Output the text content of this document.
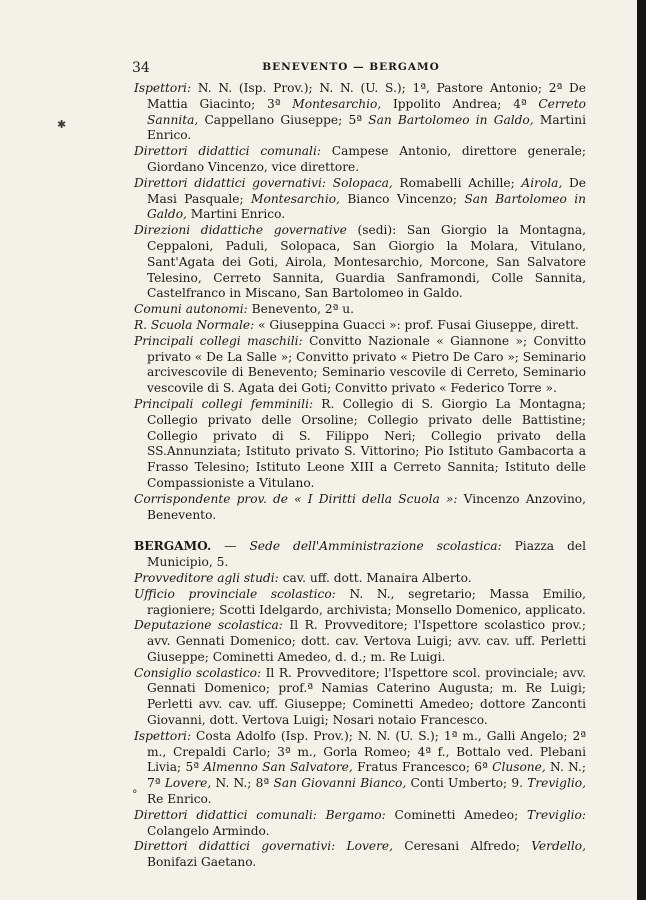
✱
°
34	BENEVENTO — BERGAMO

Ispettori: N. N. (Isp. Prov.); N. N. (U. S.); 1ª, Pastore Antonio; 2ª De Mattia Giacinto; 3ª Montesarchio, Ippolito Andrea; 4ª Cerreto Sannita, Cappellano Giuseppe; 5ª San Bartolomeo in Galdo, Martini Enrico.

Direttori didattici comunali: Campese Antonio, direttore generale; Giordano Vincenzo, vice direttore.

Direttori didattici governativi: Solopaca, Romabelli Achille; Airola, De Masi Pasquale; Montesarchio, Bianco Vincenzo; San Bartolomeo in Galdo, Martini Enrico.

Direzioni didattiche governative (sedi): San Giorgio la Montagna, Ceppaloni, Paduli, Solopaca, San Giorgio la Molara, Vitulano, Sant'Agata dei Goti, Airola, Montesarchio, Morcone, San Salvatore Telesino, Cerreto Sannita, Guardia Sanframondi, Colle Sannita, Castelfranco in Miscano, San Bartolomeo in Galdo.

Comuni autonomi: Benevento, 2ª u.

R. Scuola Normale: « Giuseppina Guacci »: prof. Fusai Giuseppe, dirett.

Principali collegi maschili: Convitto Nazionale « Giannone »; Convitto privato « De La Salle »; Convitto privato « Pietro De Caro »; Seminario arcivescovile di Benevento; Seminario vescovile di Cerreto, Seminario vescovile di S. Agata dei Goti; Convitto privato « Federico Torre ».

Principali collegi femminili: R. Collegio di S. Giorgio La Montagna; Collegio privato delle Orsoline; Collegio privato delle Battistine; Collegio privato di S. Filippo Neri; Collegio privato della SS.Annunziata; Istituto privato S. Vittorino; Pio Istituto Gambacorta a Frasso Telesino; Istituto Leone XIII a Cerreto Sannita; Istituto delle Compassioniste a Vitulano.

Corrispondente prov. de « I Diritti della Scuola »: Vincenzo Anzovino, Benevento.

BERGAMO. — Sede dell'Amministrazione scolastica: Piazza del Municipio, 5.

Provveditore agli studi: cav. uff. dott. Manaira Alberto.

Ufficio provinciale scolastico: N. N., segretario; Massa Emilio, ragioniere; Scotti Idelgardo, archivista; Monsello Domenico, applicato.

Deputazione scolastica: Il R. Provveditore; l'Ispettore scolastico prov.; avv. Gennati Domenico; dott. cav. Vertova Luigi; avv. cav. uff. Perletti Giuseppe; Cominetti Amedeo, d. d.; m. Re Luigi.

Consiglio scolastico: Il R. Provveditore; l'Ispettore scol. provinciale; avv. Gennati Domenico; prof.ª Namias Caterino Augusta; m. Re Luigi; Perletti avv. cav. uff. Giuseppe; Cominetti Amedeo; dottore Zanconti Giovanni, dott. Vertova Luigi; Nosari notaio Francesco.

Ispettori: Costa Adolfo (Isp. Prov.); N. N. (U. S.); 1ª m., Galli Angelo; 2ª m., Crepaldi Carlo; 3ª m., Gorla Romeo; 4ª f., Bottalo ved. Plebani Livia; 5ª Almenno San Salvatore, Fratus Francesco; 6ª Clusone, N. N.; 7ª Lovere, N. N.; 8ª San Giovanni Bianco, Conti Umberto; 9. Treviglio, Re Enrico.

Direttori didattici comunali: Bergamo: Cominetti Amedeo; Treviglio: Colangelo Armindo.

Direttori didattici governativi: Lovere, Ceresani Alfredo; Verdello, Bonifazi Gaetano.
